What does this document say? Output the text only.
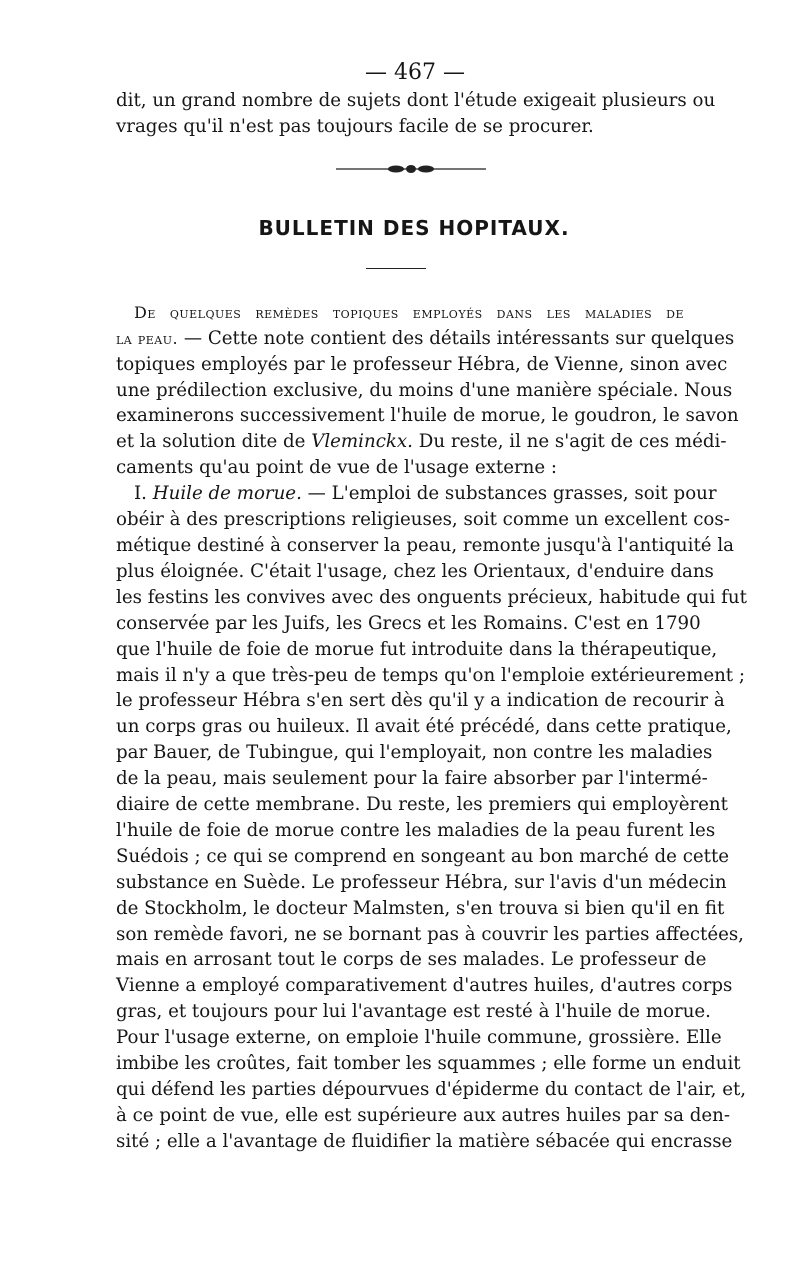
— 467 —

dit, un grand nombre de sujets dont l'étude exigeait plusieurs ou
vrages qu'il n'est pas toujours facile de se procurer.

BULLETIN DES HOPITAUX.

De quelques remèdes topiques employés dans les maladies de
la peau. — Cette note contient des détails intéressants sur quelques
topiques employés par le professeur Hébra, de Vienne, sinon avec
une prédilection exclusive, du moins d'une manière spéciale. Nous
examinerons successivement l'huile de morue, le goudron, le savon
et la solution dite de Vleminckx. Du reste, il ne s'agit de ces médi-
caments qu'au point de vue de l'usage externe :

I. Huile de morue. — L'emploi de substances grasses, soit pour
obéir à des prescriptions religieuses, soit comme un excellent cos-
métique destiné à conserver la peau, remonte jusqu'à l'antiquité la
plus éloignée. C'était l'usage, chez les Orientaux, d'enduire dans
les festins les convives avec des onguents précieux, habitude qui fut
conservée par les Juifs, les Grecs et les Romains. C'est en 1790
que l'huile de foie de morue fut introduite dans la thérapeutique,
mais il n'y a que très-peu de temps qu'on l'emploie extérieurement ;
le professeur Hébra s'en sert dès qu'il y a indication de recourir à
un corps gras ou huileux. Il avait été précédé, dans cette pratique,
par Bauer, de Tubingue, qui l'employait, non contre les maladies
de la peau, mais seulement pour la faire absorber par l'intermé-
diaire de cette membrane. Du reste, les premiers qui employèrent
l'huile de foie de morue contre les maladies de la peau furent les
Suédois ; ce qui se comprend en songeant au bon marché de cette
substance en Suède. Le professeur Hébra, sur l'avis d'un médecin
de Stockholm, le docteur Malmsten, s'en trouva si bien qu'il en fit
son remède favori, ne se bornant pas à couvrir les parties affectées,
mais en arrosant tout le corps de ses malades. Le professeur de
Vienne a employé comparativement d'autres huiles, d'autres corps
gras, et toujours pour lui l'avantage est resté à l'huile de morue.
Pour l'usage externe, on emploie l'huile commune, grossière. Elle
imbibe les croûtes, fait tomber les squammes ; elle forme un enduit
qui défend les parties dépourvues d'épiderme du contact de l'air, et,
à ce point de vue, elle est supérieure aux autres huiles par sa den-
sité ; elle a l'avantage de fluidifier la matière sébacée qui encrasse
